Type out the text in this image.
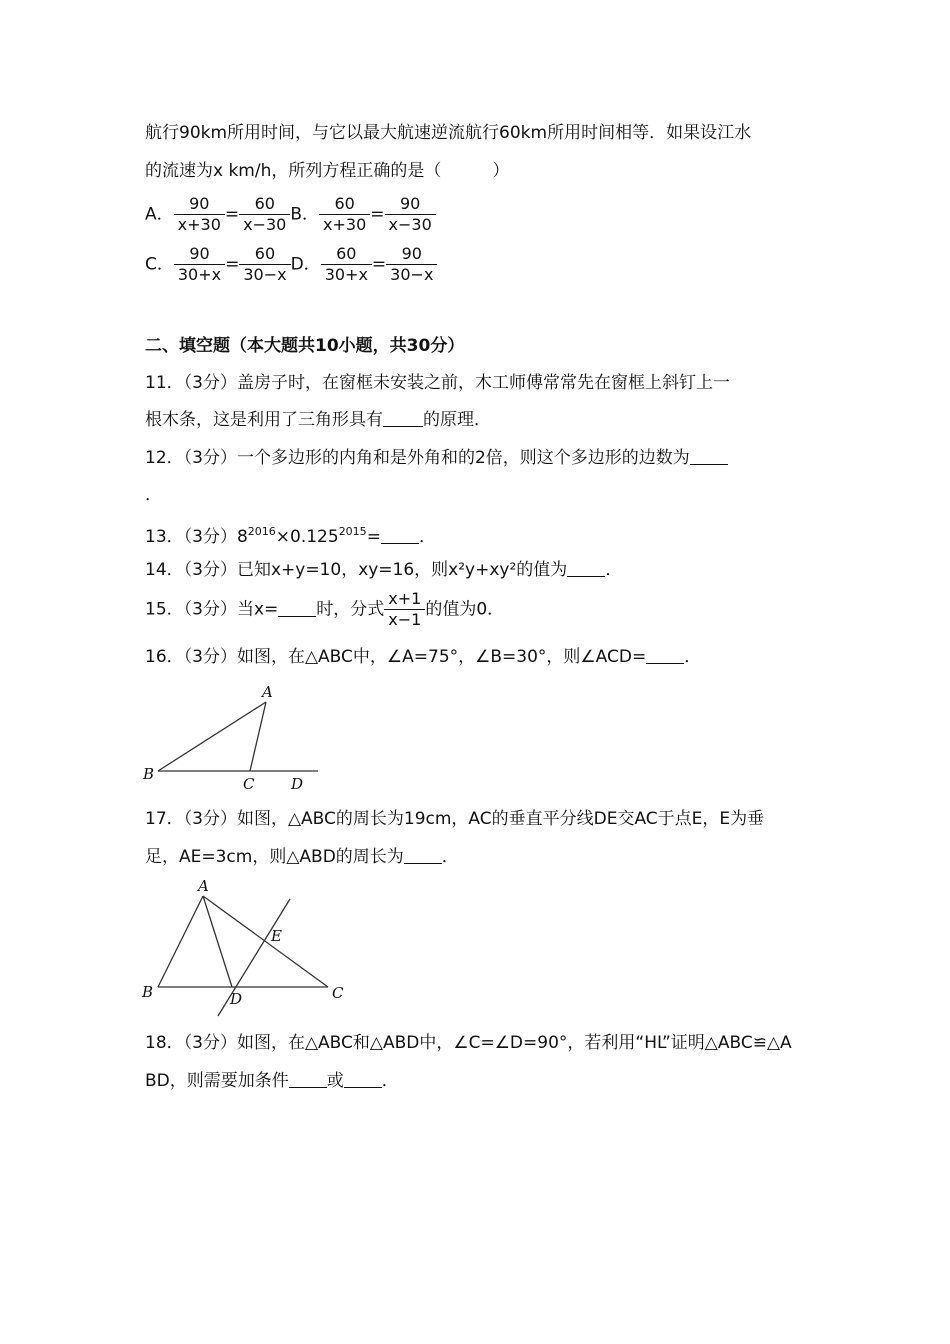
航行90km所用时间，与它以最大航速逆流航行60km所用时间相等．如果设江水
的流速为x km/h，所列方程正确的是（　　　）
A． $\frac{90}{x+30} = \frac{60}{x-30}$ B． $\frac{60}{x+30} = \frac{90}{x-30}$
C． $\frac{90}{30+x} = \frac{60}{30-x}$ D． $\frac{60}{30+x} = \frac{90}{30-x}$
二、填空题（本大题共10小题，共30分）
11．（3分）盖房子时，在窗框未安装之前，木工师傅常常先在窗框上斜钉上一
根木条，这是利用了三角形具有 的原理．
12．（3分）一个多边形的内角和是外角和的2倍，则这个多边形的边数为
．
13．（3分）$8^{2016}\times 0.125^{2015}=$ ．
14．（3分）已知x+y=10，xy=16，则x²y+xy²的值为 ．
15．（3分）当x= 时，分式 $\frac{x+1}{x-1}$ 的值为0．
16．（3分）如图，在△ABC中，∠A=75°，∠B=30°，则∠ACD= ．
A
B
C D
17．（3分）如图，△ABC的周长为19cm，AC的垂直平分线DE交AC于点E，E为垂
足，AE=3cm，则△ABD的周长为 ．
A
B	C
D
E
18．（3分）如图，在△ABC和△ABD中，∠C=∠D=90°，若利用“HL”证明△ABC≌△A
BD，则需要加条件 或 ．
